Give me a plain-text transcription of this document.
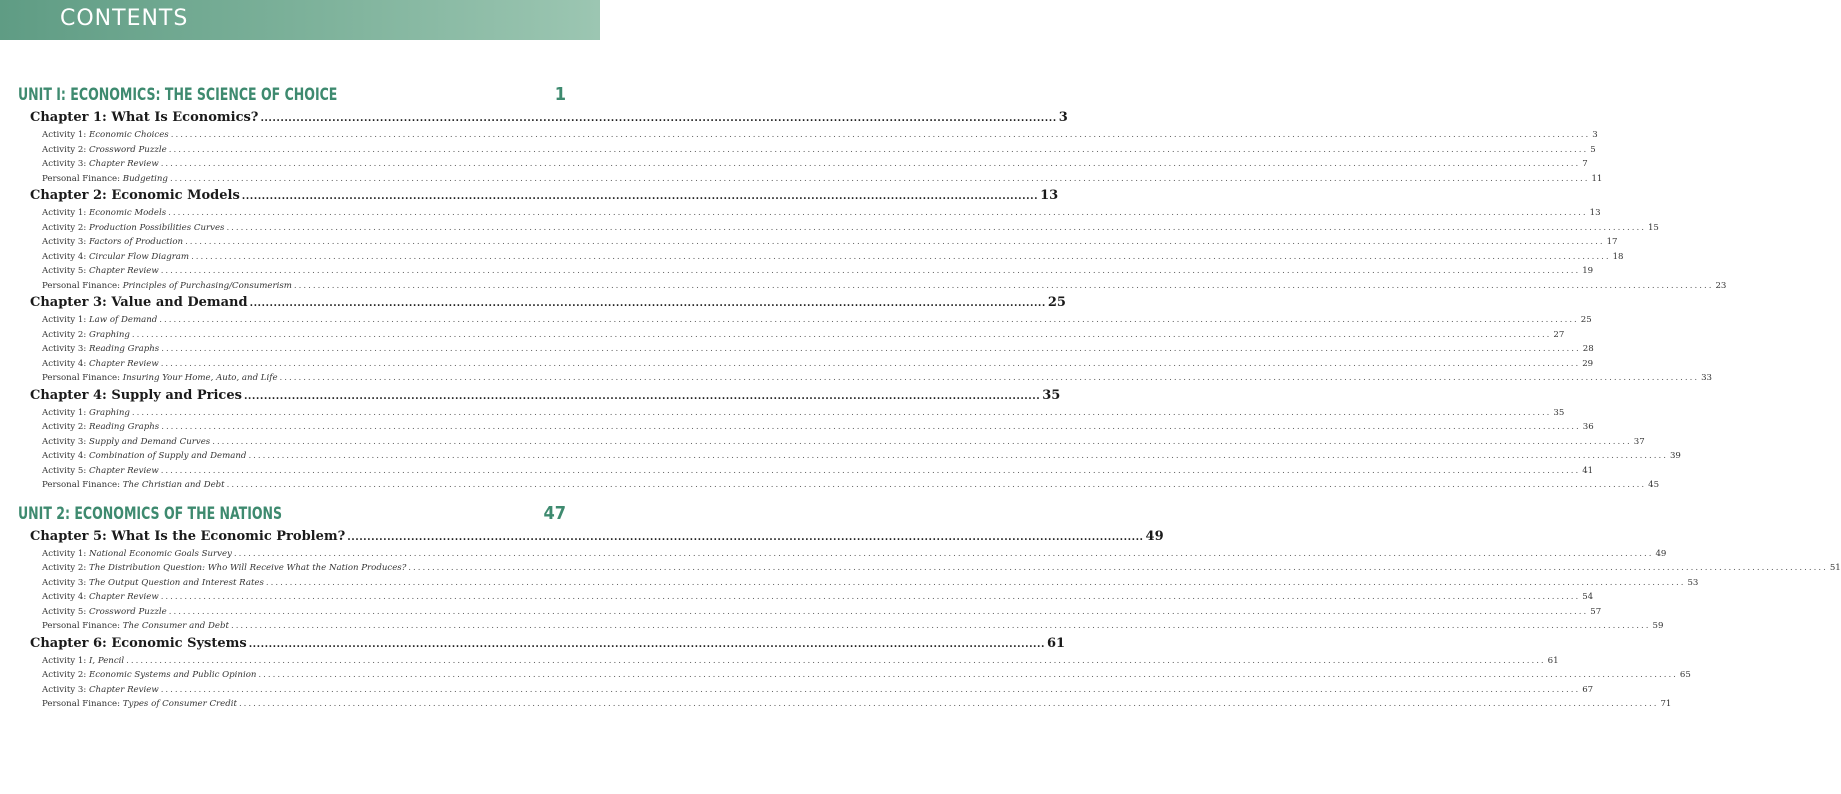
CONTENTS
UNIT I: ECONOMICS: THE SCIENCE OF CHOICE	1
Chapter 1: What Is Economics? ........................................................................................................................................................................................................ 3
Activity 1: Economic Choices ............................................................................................................................................................................................................................................................................................................ 3
Activity 2: Crossword Puzzle ............................................................................................................................................................................................................................................................................................................ 5
Activity 3: Chapter Review ............................................................................................................................................................................................................................................................................................................ 7
Personal Finance: Budgeting ............................................................................................................................................................................................................................................................................................................ 11
Chapter 2: Economic Models ........................................................................................................................................................................................................ 13
Activity 1: Economic Models ............................................................................................................................................................................................................................................................................................................ 13
Activity 2: Production Possibilities Curves ............................................................................................................................................................................................................................................................................................................ 15
Activity 3: Factors of Production ............................................................................................................................................................................................................................................................................................................ 17
Activity 4: Circular Flow Diagram ............................................................................................................................................................................................................................................................................................................ 18
Activity 5: Chapter Review ............................................................................................................................................................................................................................................................................................................ 19
Personal Finance: Principles of Purchasing/Consumerism ............................................................................................................................................................................................................................................................................................................ 23
Chapter 3: Value and Demand ........................................................................................................................................................................................................ 25
Activity 1: Law of Demand ............................................................................................................................................................................................................................................................................................................ 25
Activity 2: Graphing ............................................................................................................................................................................................................................................................................................................ 27
Activity 3: Reading Graphs ............................................................................................................................................................................................................................................................................................................ 28
Activity 4: Chapter Review ............................................................................................................................................................................................................................................................................................................ 29
Personal Finance: Insuring Your Home, Auto, and Life ............................................................................................................................................................................................................................................................................................................ 33
Chapter 4: Supply and Prices ........................................................................................................................................................................................................ 35
Activity 1: Graphing ............................................................................................................................................................................................................................................................................................................ 35
Activity 2: Reading Graphs ............................................................................................................................................................................................................................................................................................................ 36
Activity 3: Supply and Demand Curves ............................................................................................................................................................................................................................................................................................................ 37
Activity 4: Combination of Supply and Demand ............................................................................................................................................................................................................................................................................................................ 39
Activity 5: Chapter Review ............................................................................................................................................................................................................................................................................................................ 41
Personal Finance: The Christian and Debt ............................................................................................................................................................................................................................................................................................................ 45
UNIT 2: ECONOMICS OF THE NATIONS	47
Chapter 5: What Is the Economic Problem? ........................................................................................................................................................................................................ 49
Activity 1: National Economic Goals Survey ............................................................................................................................................................................................................................................................................................................ 49
Activity 2: The Distribution Question: Who Will Receive What the Nation Produces? ............................................................................................................................................................................................................................................................................................................ 51
Activity 3: The Output Question and Interest Rates ............................................................................................................................................................................................................................................................................................................ 53
Activity 4: Chapter Review ............................................................................................................................................................................................................................................................................................................ 54
Activity 5: Crossword Puzzle ............................................................................................................................................................................................................................................................................................................ 57
Personal Finance: The Consumer and Debt ............................................................................................................................................................................................................................................................................................................ 59
Chapter 6: Economic Systems ........................................................................................................................................................................................................ 61
Activity 1: I, Pencil ............................................................................................................................................................................................................................................................................................................ 61
Activity 2: Economic Systems and Public Opinion ............................................................................................................................................................................................................................................................................................................ 65
Activity 3: Chapter Review ............................................................................................................................................................................................................................................................................................................ 67
Personal Finance: Types of Consumer Credit ............................................................................................................................................................................................................................................................................................................ 71
